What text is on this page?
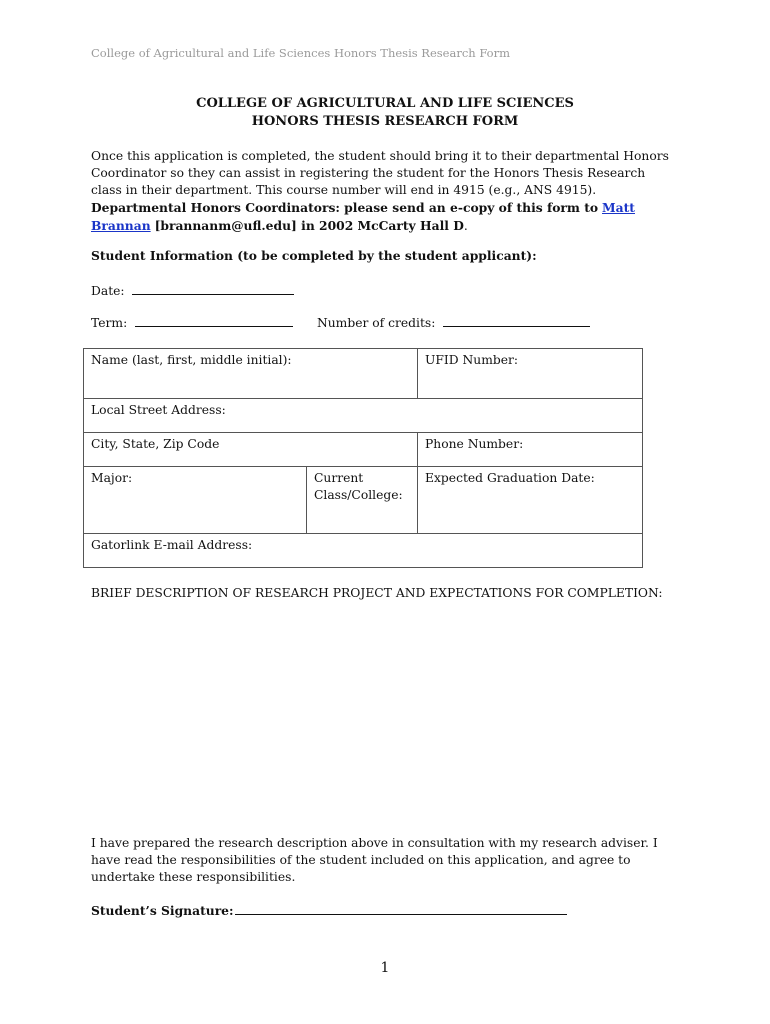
College of Agricultural and Life Sciences Honors Thesis Research Form
COLLEGE OF AGRICULTURAL AND LIFE SCIENCES
HONORS THESIS RESEARCH FORM
Once this application is completed, the student should bring it to their departmental Honors Coordinator so they can assist in registering the student for the Honors Thesis Research class in their department. This course number will end in 4915 (e.g., ANS 4915). Departmental Honors Coordinators: please send an e-copy of this form to Matt Brannan [brannanm@ufl.edu] in 2002 McCarty Hall D.
Student Information (to be completed by the student applicant):
Date:
Term:	Number of credits:
Name (last, first, middle initial):		UFID Number:
Local Street Address:		
City, State, Zip Code		Phone Number:
Major:	Current Class/College:	Expected Graduation Date:
Gatorlink E-mail Address:		
BRIEF DESCRIPTION OF RESEARCH PROJECT AND EXPECTATIONS FOR COMPLETION:
I have prepared the research description above in consultation with my research adviser. I have read the responsibilities of the student included on this application, and agree to undertake these responsibilities.
Student’s Signature:
1
